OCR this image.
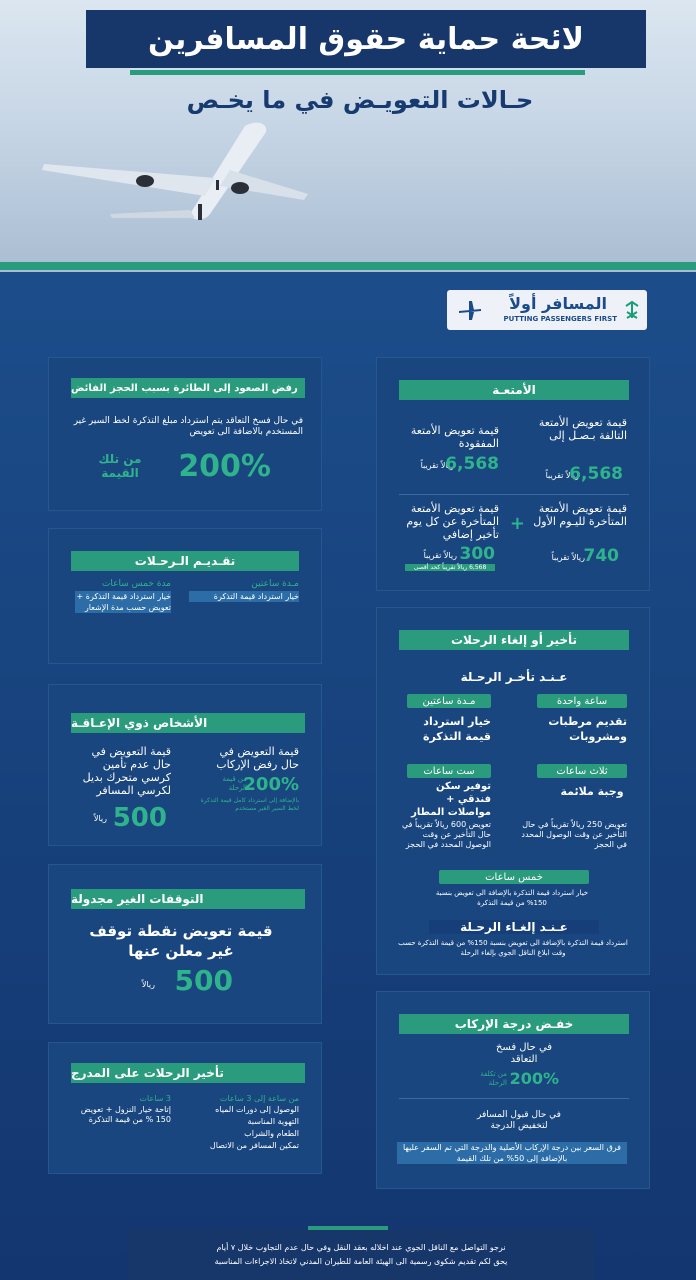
لائحة حماية حقوق المسافرين
حـالات التعويـض في ما يخـص
المسافر أولاً
PUTTING PASSENGERS FIRST
الأمتعـة
قيمة تعويض الأمتعة التالفة بـصـل إلى
ريالاً تقريباً
6,568
قيمة تعويض الأمتعة المفقودة
ريالاً تقريباً
6,568
قيمة تعويض الأمتعة المتأخرة لليـوم الأول
ريالاً تقريباً
740
+
قيمة تعويض الأمتعة المتأخرة عن كل يوم تأخير إضافي
ريالاً تقريباً 300
6,568 ريالاً تقريباً كحد أقصى
رفض الصعود إلى الطائرة بسبب الحجز الفائض
في حال فسخ التعاقد يتم استرداد مبلغ التذكرة لخط السير غير المستخدم بالاضافة الى تعويض
200%
من تلك القيمة
تقـديـم الـرحـلات
مـدة ساعتين
خيار استرداد قيمة التذكرة
مدة خمس ساعات
خيار استرداد قيمة التذكرة + تعويض حسب مدة الإشعار
تأخير أو إلغاء الرحلات
عـنـد تأخـر الرحـلة
ساعة واحدة
تقديم مرطبات ومشروبات
مـدة ساعتين
خيار استرداد قيمة التذكرة
ثلاث ساعات
وجبة ملائمة
تعويض 250 ريالاً تقريباً في حال التأخير عن وقت الوصول المحدد في الحجز
ست ساعات
توفير سكن فندقي + مواصلات المطار
تعويض 600 ريالاً تقريباً في حال التأخير عن وقت الوصول المحدد في الحجز
خمس ساعات
خيار استرداد قيمة التذكرة بالإضافة الى تعويض بنسبة 150% من قيمة التذكرة
عـنـد إلغـاء الرحـلة
استرداد قيمة التذكرة بالإضافة الى تعويض بنسبة 150% من قيمة التذكرة حسب وقت ابلاغ الناقل الجوي بإلغاء الرحلة
الأشخاص ذوي الإعـاقـة
قيمة التعويض في حال رفض الإركاب
200%
من قيمة الرحلة
بالإضافة إلى استرداد كامل قيمة التذكرة لخط السير الغير مستخدم
قيمة التعويض في حال عدم تأمين كرسي متحرك بديل لكرسي المسافر
500
ريالاً
التوقفات الغير مجدولة
قيمة تعويض نقطة توقف غير معلن عنها
500
ريالاً
خفـض درجة الإركاب
في حال فسخ التعاقد
200%
من تكلفة الرحلة
في حال قبول المسافر لتخفيض الدرجة
فرق السعر بين درجة الإركاب الأصلية والدرجة التي تم السفر عليها بالإضافة إلى 50% من تلك القيمة
تأخير الرحلات على المدرج
من ساعة إلى 3 ساعات
الوصول إلى دورات المياه
التهوية المناسبة
الطعام والشراب
تمكين المسافر من الاتصال
3 ساعات
إتاحة خيار النزول + تعويض 150 % من قيمة التذكرة
نرجو التواصل مع الناقل الجوي عند اخلاله بعقد النقل وفي حال عدم التجاوب خلال ٧ أيام
يحق لكم تقديم شكوى رسمية الى الهيئة العامة للطيران المدني لاتخاذ الاجراءات المناسبة
